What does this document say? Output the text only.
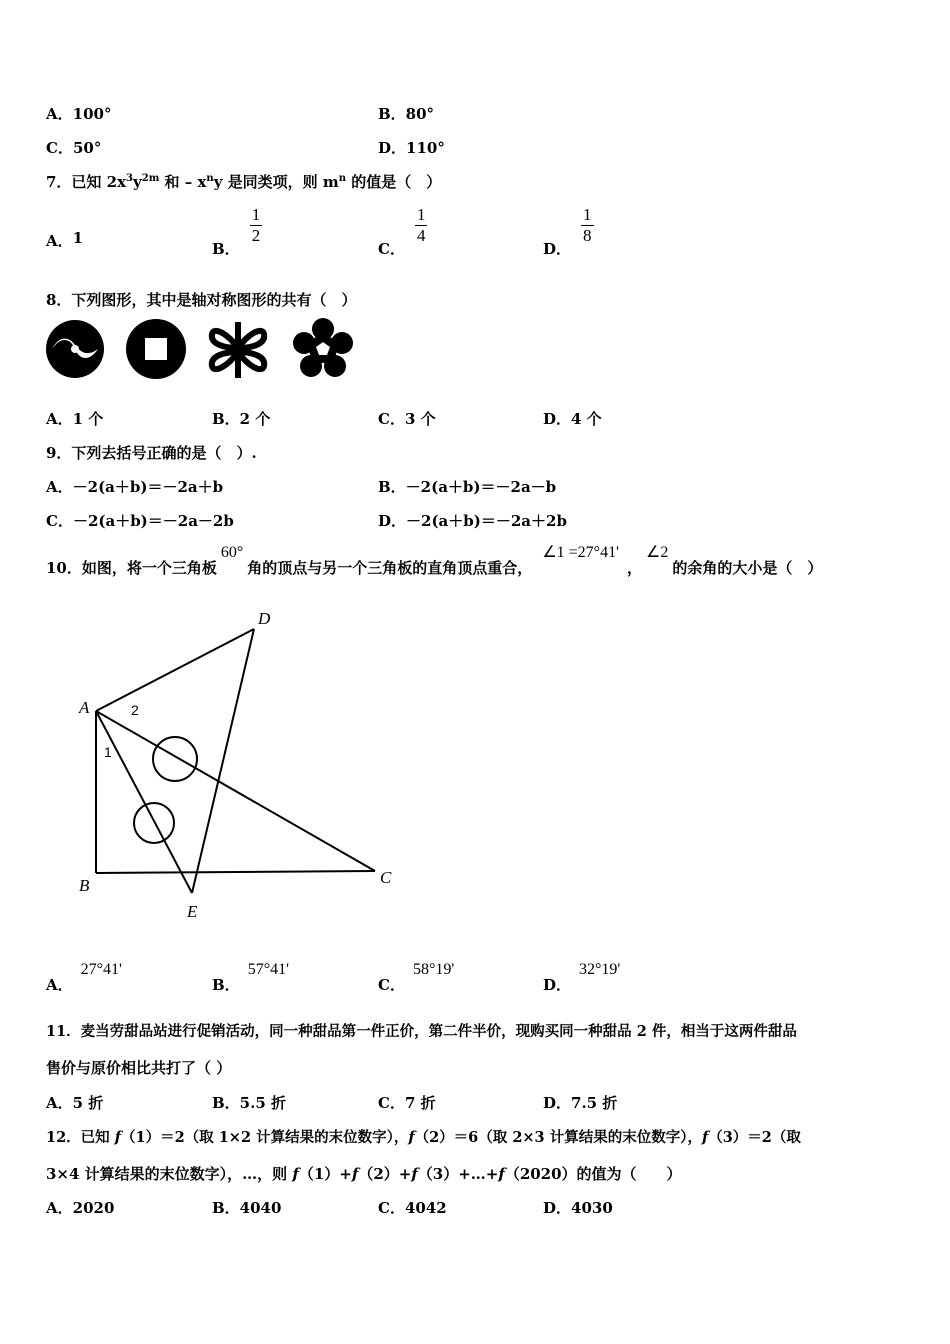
A．100°	B．80°
C．50°	D．110°
7．已知 $2x^3y^{2m}$ 和 – $x^ny$ 是同类项，则 $m^n$ 的值是（　）
A．1
B．
$\frac{1}{2}$
C．
$\frac{1}{4}$
D．
$\frac{1}{8}$
8．下列图形，其中是轴对称图形的共有（　）
A．1 个	B．2 个	C．3 个	D．4 个
9．下列去括号正确的是（　）.
A．－2(a＋b)＝－2a＋b	B．－2(a＋b)＝－2a－b
C．－2(a＋b)＝－2a－2b	D．－2(a＋b)＝－2a＋2b
10．如图，将一个三角板60°角的顶点与另一个三角板的直角顶点重合，∠1 =27°41'，∠2的余角的大小是（　）
A
B	C
D
E
1
2
A．27°41'
B．57°41'
C．58°19'
D．32°19'
11．麦当劳甜品站进行促销活动，同一种甜品第一件正价，第二件半价，现购买同一种甜品 2 件，相当于这两件甜品
售价与原价相比共打了（ ）
A．5 折	B．5.5 折	C．7 折	D．7.5 折
12．已知 f（1）＝2（取 1×2 计算结果的末位数字），f（2）＝6（取 2×3 计算结果的末位数字），f（3）＝2（取
3×4 计算结果的末位数字），…，则 f（1）+f（2）+f（3）+…+f（2020）的值为（　　）
A．2020	B．4040	C．4042	D．4030
